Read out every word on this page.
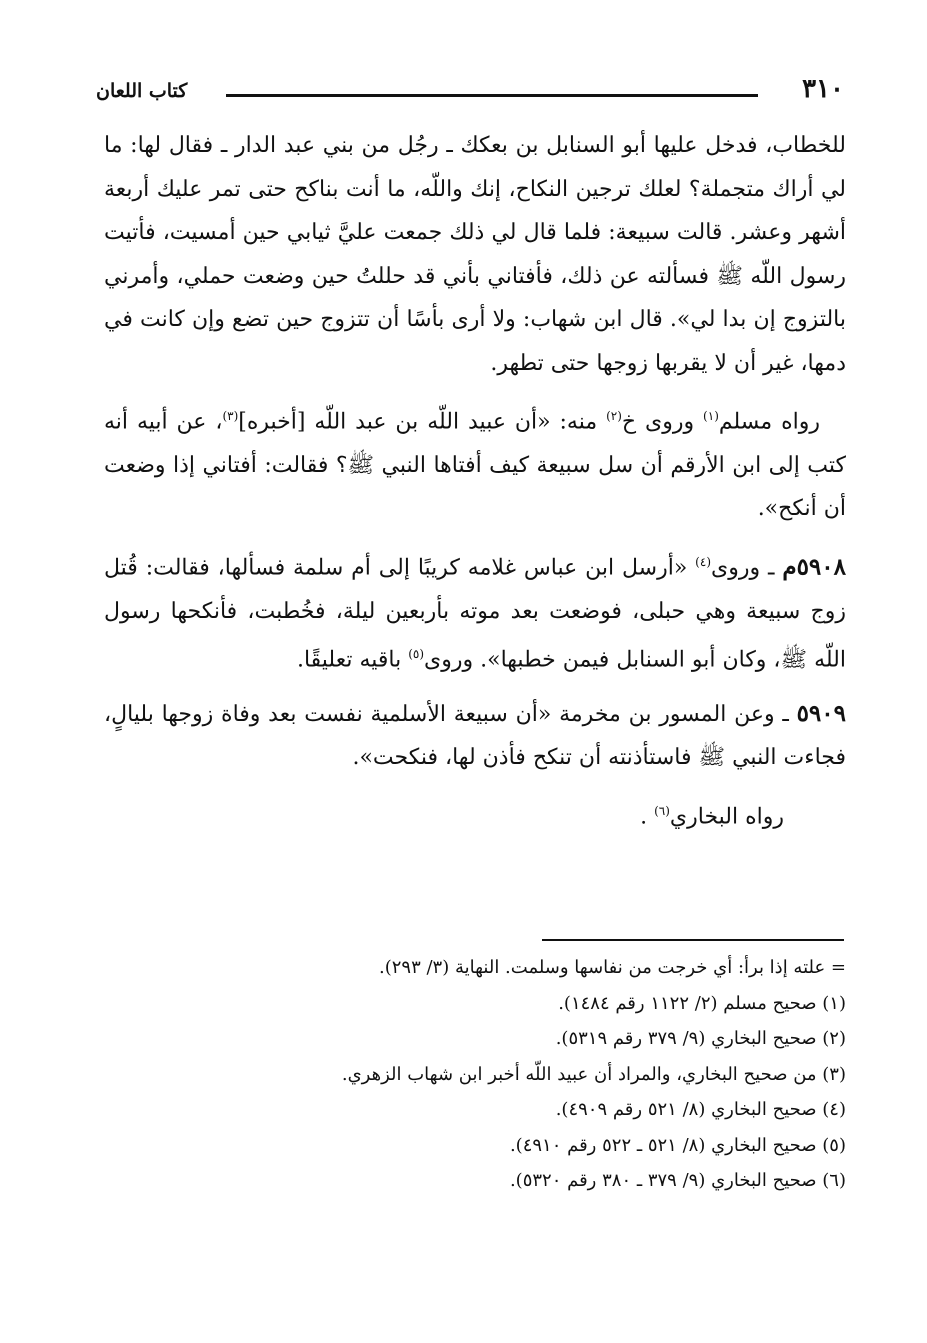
٣١٠
كتاب اللعان

للخطاب، فدخل عليها أبو السنابل بن بعكك ـ رجُل من بني عبد الدار ـ فقال لها: ما لي أراك متجملة؟ لعلك ترجين النكاح، إنك واللّه، ما أنت بناكح حتى تمر عليك أربعة أشهر وعشر. قالت سبيعة: فلما قال لي ذلك جمعت عليَّ ثيابي حين أمسيت، فأتيت رسول اللّه ﷺ فسألته عن ذلك، فأفتاني بأني قد حللتُ حين وضعت حملي، وأمرني بالتزوج إن بدا لي». قال ابن شهاب: ولا أرى بأسًا أن تتزوج حين تضع وإن كانت في دمها، غير أن لا يقربها زوجها حتى تطهر.

رواه مسلم$^{(١)}$ وروى خ$^{(٢)}$ منه: «أن عبيد اللّه بن عبد اللّه [أخبره]$^{(٣)}$، عن أبيه أنه كتب إلى ابن الأرقم أن سل سبيعة كيف أفتاها النبي ﷺ؟ فقالت: أفتاني إذا وضعت أن أنكح».

٥٩٠٨م ـ وروى$^{(٤)}$ «أرسل ابن عباس غلامه كريبًا إلى أم سلمة فسألها، فقالت: قُتل زوج سبيعة وهي حبلى، فوضعت بعد موته بأربعين ليلة، فخُطبت، فأنكحها رسول اللّه ﷺ، وكان أبو السنابل فيمن خطبها». وروى$^{(٥)}$ باقيه تعليقًا.

٥٩٠٩ ـ وعن المسور بن مخرمة «أن سبيعة الأسلمية نفست بعد وفاة زوجها بليالٍ، فجاءت النبي ﷺ فاستأذنته أن تنكح فأذن لها، فنكحت».

رواه البخاري$^{(٦)}$ .

= علته إذا برأ: أي خرجت من نفاسها وسلمت. النهاية (٣/ ٢٩٣).
(١) صحيح مسلم (٢/ ١١٢٢ رقم ١٤٨٤).
(٢) صحيح البخاري (٩/ ٣٧٩ رقم ٥٣١٩).
(٣) من صحيح البخاري، والمراد أن عبيد اللّه أخبر ابن شهاب الزهري.
(٤) صحيح البخاري (٨/ ٥٢١ رقم ٤٩٠٩).
(٥) صحيح البخاري (٨/ ٥٢١ ـ ٥٢٢ رقم ٤٩١٠).
(٦) صحيح البخاري (٩/ ٣٧٩ ـ ٣٨٠ رقم ٥٣٢٠).
